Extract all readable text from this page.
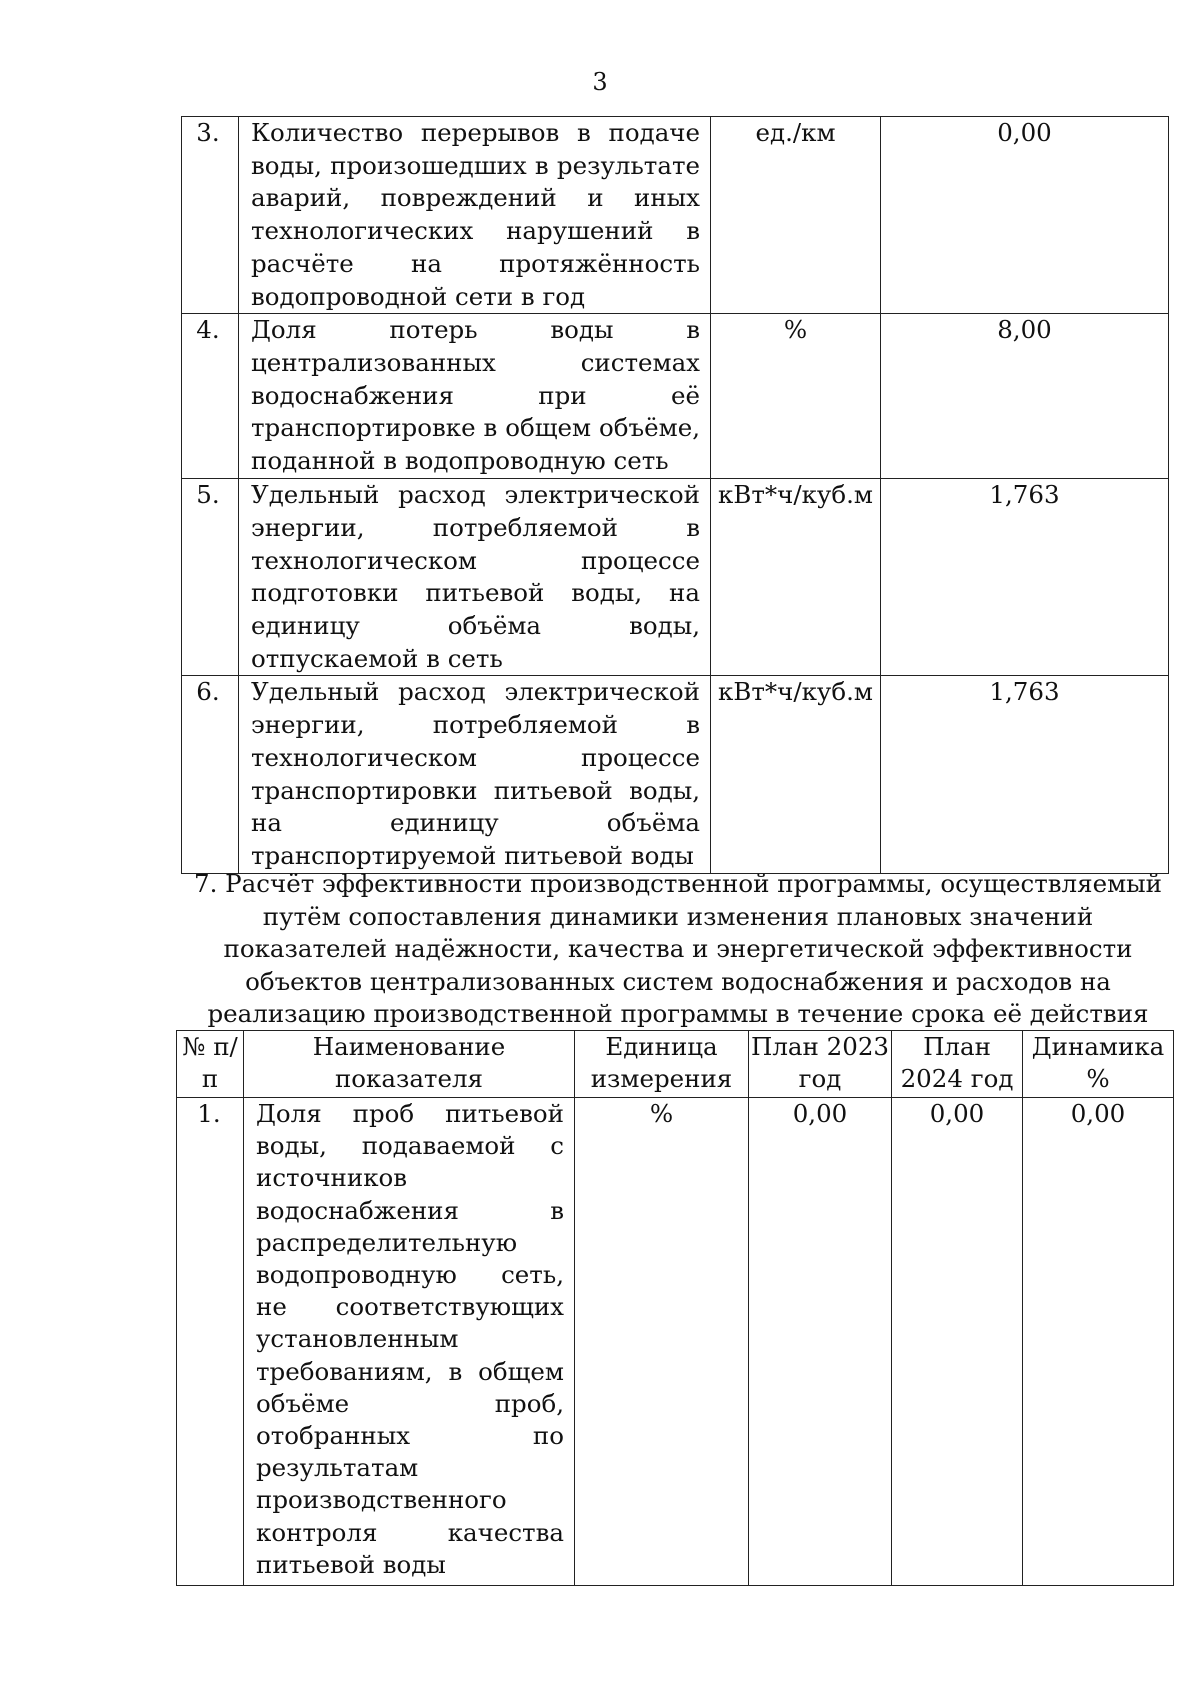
3
3.	Количество перерывов в подаче воды, произошедших в результате аварий, повреждений и иных технологических нарушений в расчёте на протяжённость водопроводной сети в год	ед./км	0,00
4.	Доля потерь воды в централизованных системах водоснабжения при её транспортировке в общем объёме, поданной в водопроводную сеть	%	8,00
5.	Удельный расход электрической энергии, потребляемой в технологическом процессе подготовки питьевой воды, на единицу объёма воды, отпускаемой в сеть	кВт*ч/куб.м	1,763
6.	Удельный расход электрической энергии, потребляемой в технологическом процессе транспортировки питьевой воды, на единицу объёма транспортируемой питьевой воды	кВт*ч/куб.м	1,763
7. Расчёт эффективности производственной программы, осуществляемый путём сопоставления динамики изменения плановых значений показателей надёжности, качества и энергетической эффективности объектов централизованных систем водоснабжения и расходов на реализацию производственной программы в течение срока её действия
№ п/п	Наименование показателя	Единица измерения	План 2023 год	План 2024 год	Динамика %
1.	Доля проб питьевой воды, подаваемой с источников водоснабжения в распределительную водопроводную сеть, не соответствующих установленным требованиям, в общем объёме проб, отобранных по результатам производственного контроля качества питьевой воды	%	0,00	0,00	0,00
